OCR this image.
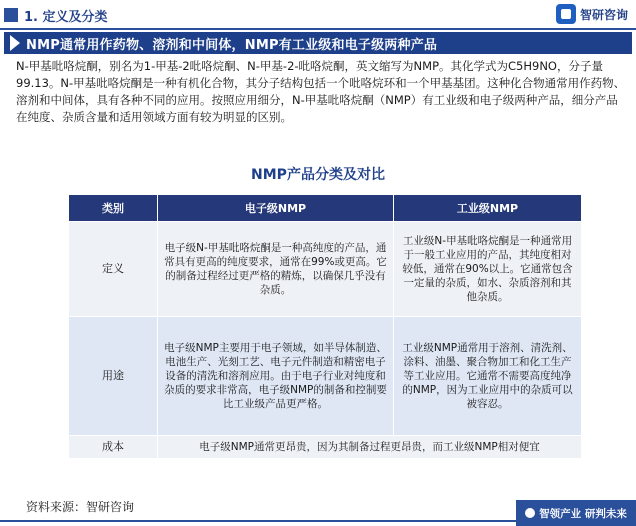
1. 定义及分类	智研咨询
NMP通常用作药物、溶剂和中间体，NMP有工业级和电子级两种产品
N-甲基吡咯烷酮，别名为1-甲基-2吡咯烷酮、N-甲基-2-吡咯烷酮，英文缩写为NMP。其化学式为C5H9NO，分子量99.13。N-甲基吡咯烷酮是一种有机化合物，其分子结构包括一个吡咯烷环和一个甲基基团。这种化合物通常用作药物、溶剂和中间体，具有各种不同的应用。按照应用细分，N-甲基吡咯烷酮（NMP）有工业级和电子级两种产品，细分产品在纯度、杂质含量和适用领域方面有较为明显的区别。
NMP产品分类及对比
类别	电子级NMP	工业级NMP
定义	电子级N-甲基吡咯烷酮是一种高纯度的产品，通常具有更高的纯度要求，通常在99%或更高。它的制备过程经过更严格的精炼，以确保几乎没有杂质。	工业级N-甲基吡咯烷酮是一种通常用于一般工业应用的产品，其纯度相对较低，通常在90%以上。它通常包含一定量的杂质，如水、杂质溶剂和其他杂质。
用途	电子级NMP主要用于电子领域，如半导体制造、电池生产、光刻工艺、电子元件制造和精密电子设备的清洗和溶剂应用。由于电子行业对纯度和杂质的要求非常高，电子级NMP的制备和控制要比工业级产品更严格。	工业级NMP通常用于溶剂、清洗剂、涂料、油墨、聚合物加工和化工生产等工业应用。它通常不需要高度纯净的NMP，因为工业应用中的杂质可以被容忍。
成本	电子级NMP通常更昂贵，因为其制备过程更昂贵，而工业级NMP相对便宜	
资料来源：智研咨询	智领产业 研判未来
